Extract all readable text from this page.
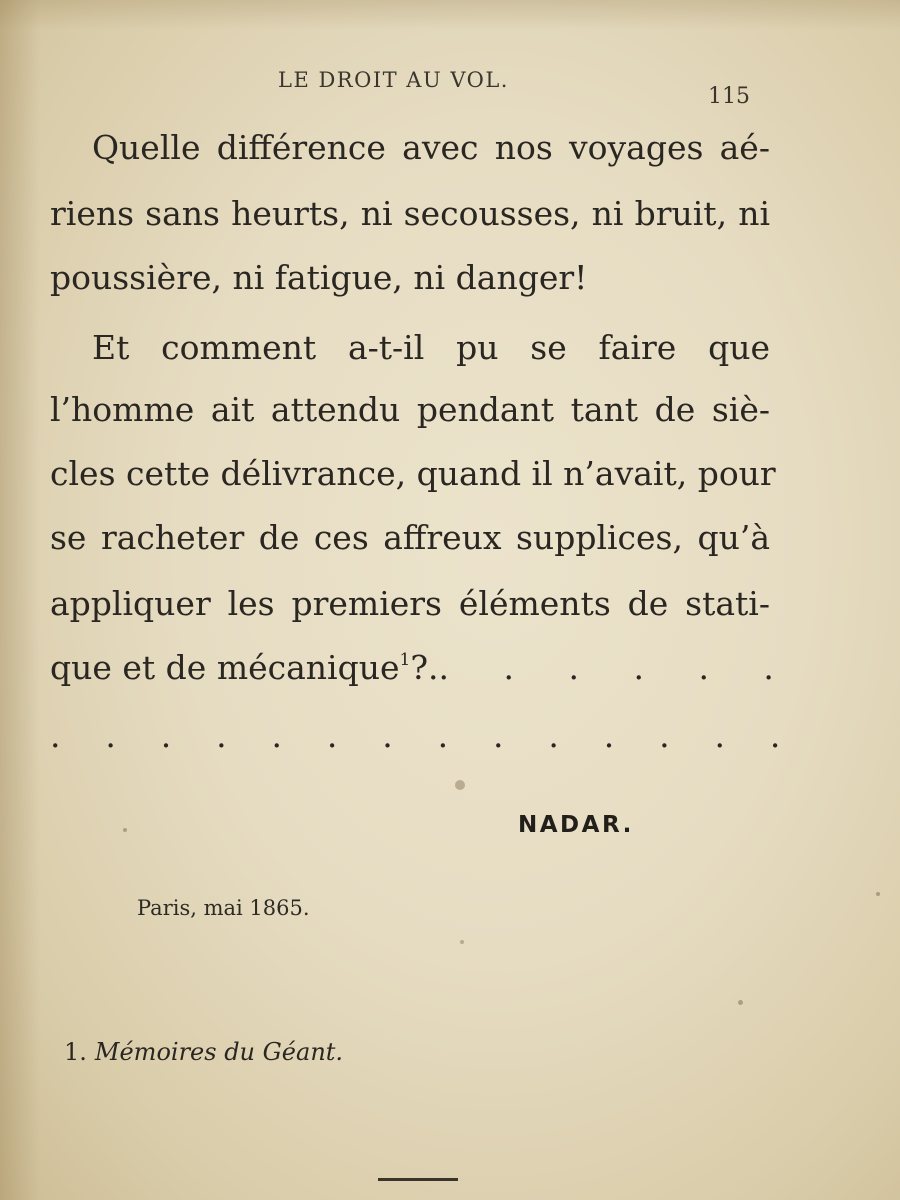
LE DROIT AU VOL.
115
Quelle différence avec nos voyages aé-
riens sans heurts, ni secousses, ni bruit, ni
poussière, ni fatigue, ni danger!
Et comment a-t-il pu se faire que
l’homme ait attendu pendant tant de siè-
cles cette délivrance, quand il n’avait, pour
se racheter de ces affreux supplices, qu’à
appliquer les premiers éléments de stati-
que et de mécanique$^1$?. . . . . . .
. . . . . . . . . . . . . .
NADAR.
Paris, mai 1865.
1. Mémoires du Géant.
